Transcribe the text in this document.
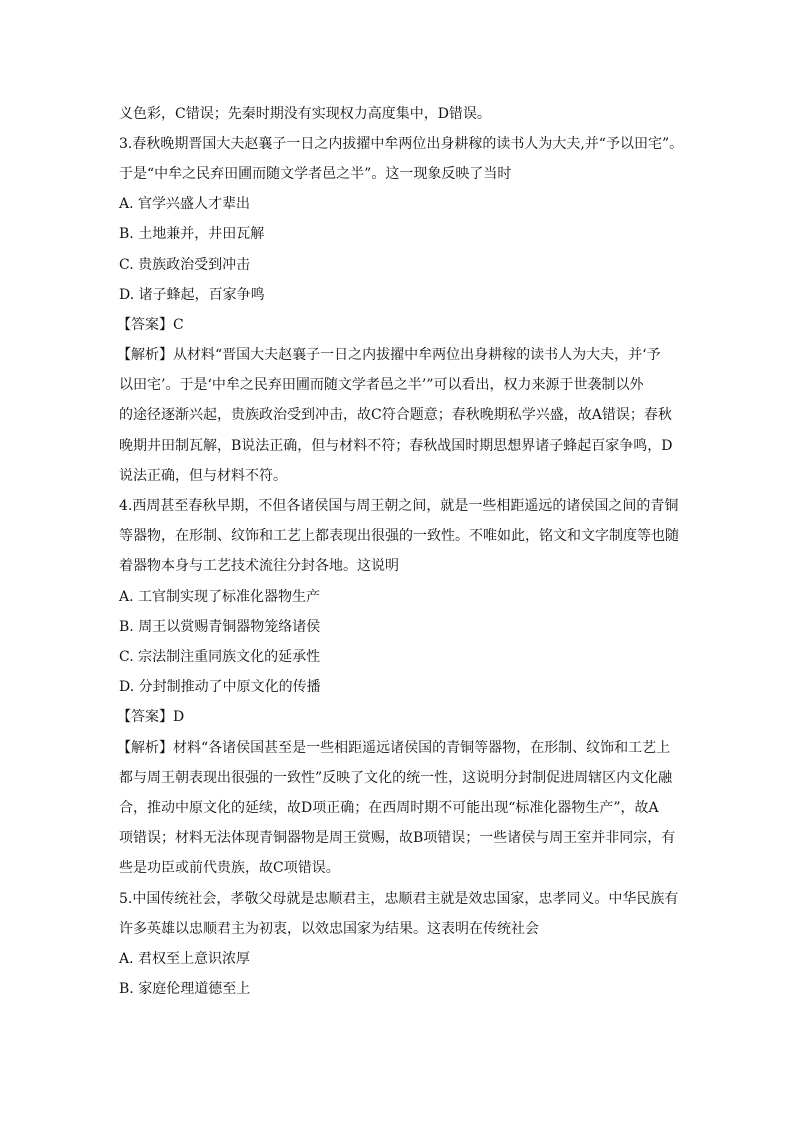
义色彩，C错误；先秦时期没有实现权力高度集中，D错误。
3.春秋晚期晋国大夫赵襄子一日之内拔擢中牟两位出身耕稼的读书人为大夫,并“予以田宅”。
于是“中牟之民弃田圃而随文学者邑之半”。这一现象反映了当时
A. 官学兴盛人才辈出
B. 土地兼并，井田瓦解
C. 贵族政治受到冲击
D. 诸子蜂起，百家争鸣
【答案】C
【解析】从材料“晋国大夫赵襄子一日之内拔擢中牟两位出身耕稼的读书人为大夫，并‘予
以田宅’。于是‘中牟之民弃田圃而随文学者邑之半’”可以看出，权力来源于世袭制以外
的途径逐渐兴起，贵族政治受到冲击，故C符合题意；春秋晚期私学兴盛，故A错误；春秋
晚期井田制瓦解，B说法正确，但与材料不符；春秋战国时期思想界诸子蜂起百家争鸣，D
说法正确，但与材料不符。
4.西周甚至春秋早期，不但各诸侯国与周王朝之间，就是一些相距遥远的诸侯国之间的青铜
等器物，在形制、纹饰和工艺上都表现出很强的一致性。不唯如此，铭文和文字制度等也随
着器物本身与工艺技术流往分封各地。这说明
A. 工官制实现了标准化器物生产
B. 周王以赏赐青铜器物笼络诸侯
C. 宗法制注重同族文化的延承性
D. 分封制推动了中原文化的传播
【答案】D
【解析】材料“各诸侯国甚至是一些相距遥远诸侯国的青铜等器物，在形制、纹饰和工艺上
都与周王朝表现出很强的一致性”反映了文化的统一性，这说明分封制促进周辖区内文化融
合，推动中原文化的延续，故D项正确；在西周时期不可能出现“标准化器物生产”，故A
项错误；材料无法体现青铜器物是周王赏赐，故B项错误；一些诸侯与周王室并非同宗，有
些是功臣或前代贵族，故C项错误。
5.中国传统社会，孝敬父母就是忠顺君主，忠顺君主就是效忠国家，忠孝同义。中华民族有
许多英雄以忠顺君主为初衷，以效忠国家为结果。这表明在传统社会
A. 君权至上意识浓厚
B. 家庭伦理道德至上
